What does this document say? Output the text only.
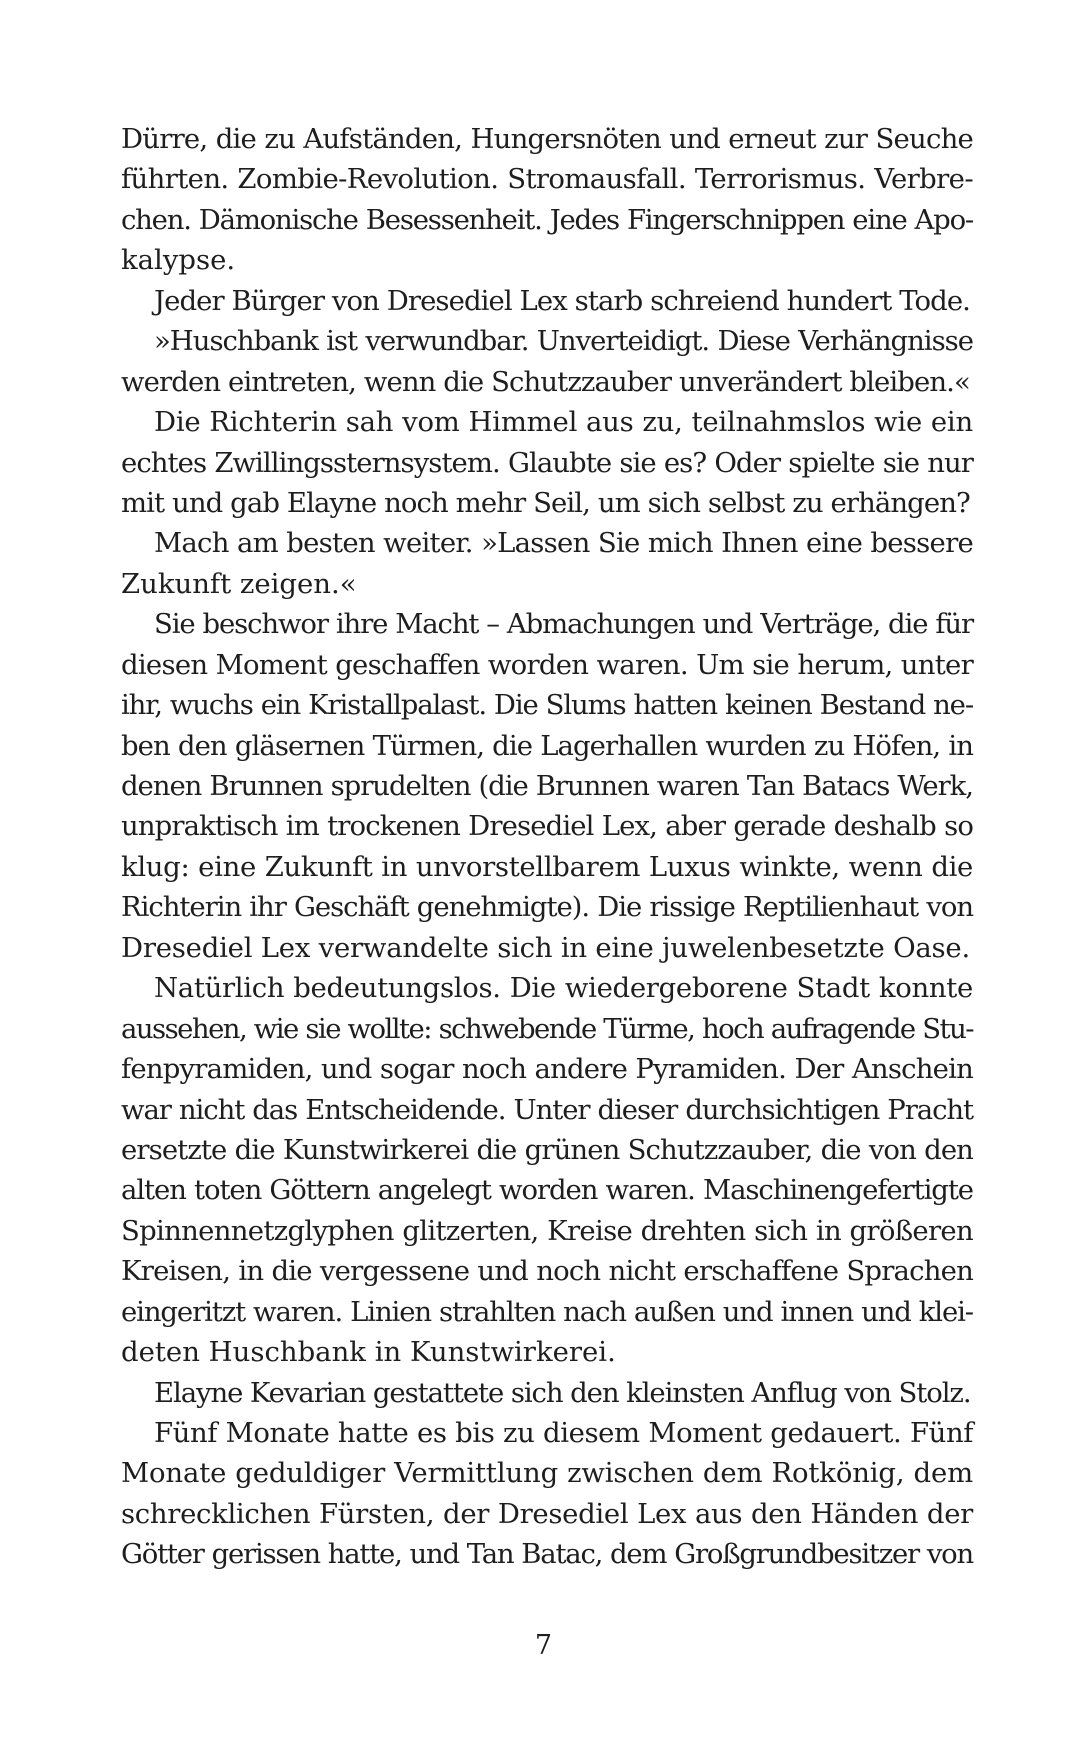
Dürre, die zu Aufständen, Hungersnöten und erneut zur Seuche
führten. Zombie-Revolution. Stromausfall. Terrorismus. Verbre-
chen. Dämonische Besessenheit. Jedes Fingerschnippen eine Apo-
kalypse.
Jeder Bürger von Dresediel Lex starb schreiend hundert Tode.
»Huschbank ist verwundbar. Unverteidigt. Diese Verhängnisse
werden eintreten, wenn die Schutzzauber unverändert bleiben.«
Die Richterin sah vom Himmel aus zu, teilnahmslos wie ein
echtes Zwillingssternsystem. Glaubte sie es? Oder spielte sie nur
mit und gab Elayne noch mehr Seil, um sich selbst zu erhängen?
Mach am besten weiter. »Lassen Sie mich Ihnen eine bessere
Zukunft zeigen.«
Sie beschwor ihre Macht – Abmachungen und Verträge, die für
diesen Moment geschaffen worden waren. Um sie herum, unter
ihr, wuchs ein Kristallpalast. Die Slums hatten keinen Bestand ne-
ben den gläsernen Türmen, die Lagerhallen wurden zu Höfen, in
denen Brunnen sprudelten (die Brunnen waren Tan Batacs Werk,
unpraktisch im trockenen Dresediel Lex, aber gerade deshalb so
klug: eine Zukunft in unvorstellbarem Luxus winkte, wenn die
Richterin ihr Geschäft genehmigte). Die rissige Reptilienhaut von
Dresediel Lex verwandelte sich in eine juwelenbesetzte Oase.
Natürlich bedeutungslos. Die wiedergeborene Stadt konnte
aussehen, wie sie wollte: schwebende Türme, hoch aufragende Stu-
fenpyramiden, und sogar noch andere Pyramiden. Der Anschein
war nicht das Entscheidende. Unter dieser durchsichtigen Pracht
ersetzte die Kunstwirkerei die grünen Schutzzauber, die von den
alten toten Göttern angelegt worden waren. Maschinengefertigte
Spinnennetzglyphen glitzerten, Kreise drehten sich in größeren
Kreisen, in die vergessene und noch nicht erschaffene Sprachen
eingeritzt waren. Linien strahlten nach außen und innen und klei-
deten Huschbank in Kunstwirkerei.
Elayne Kevarian gestattete sich den kleinsten Anflug von Stolz.
Fünf Monate hatte es bis zu diesem Moment gedauert. Fünf
Monate geduldiger Vermittlung zwischen dem Rotkönig, dem
schrecklichen Fürsten, der Dresediel Lex aus den Händen der
Götter gerissen hatte, und Tan Batac, dem Großgrundbesitzer von
7
